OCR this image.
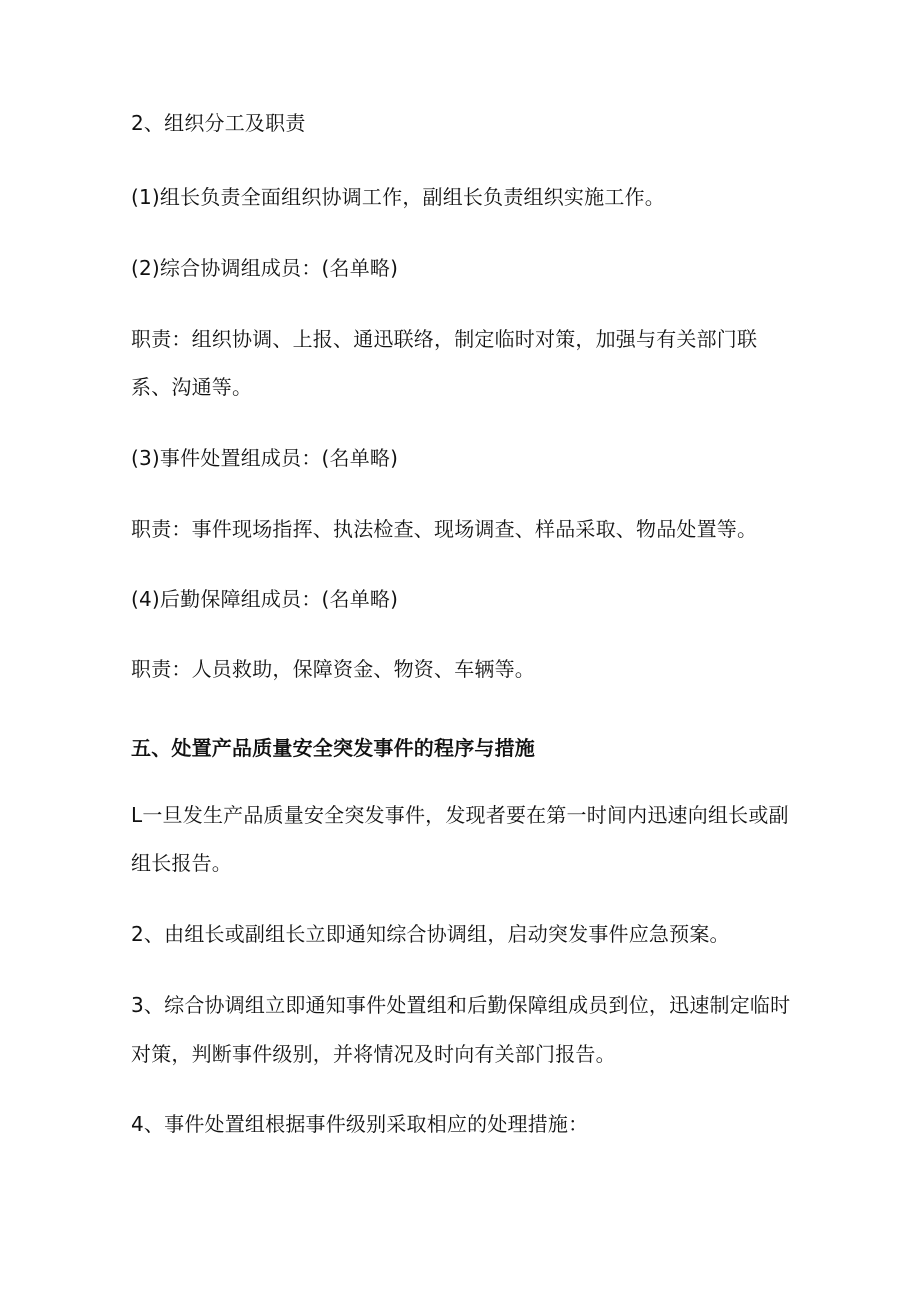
2、组织分工及职责
(1)组长负责全面组织协调工作，副组长负责组织实施工作。
(2)综合协调组成员：(名单略)
职责：组织协调、上报、通迅联络，制定临时对策，加强与有关部门联
系、沟通等。
(3)事件处置组成员：(名单略)
职责：事件现场指挥、执法检查、现场调查、样品采取、物品处置等。
(4)后勤保障组成员：(名单略)
职责：人员救助，保障资金、物资、车辆等。
五、处置产品质量安全突发事件的程序与措施
L一旦发生产品质量安全突发事件，发现者要在第一时间内迅速向组长或副
组长报告。
2、由组长或副组长立即通知综合协调组，启动突发事件应急预案。
3、综合协调组立即通知事件处置组和后勤保障组成员到位，迅速制定临时
对策，判断事件级别，并将情况及时向有关部门报告。
4、事件处置组根据事件级别采取相应的处理措施：
